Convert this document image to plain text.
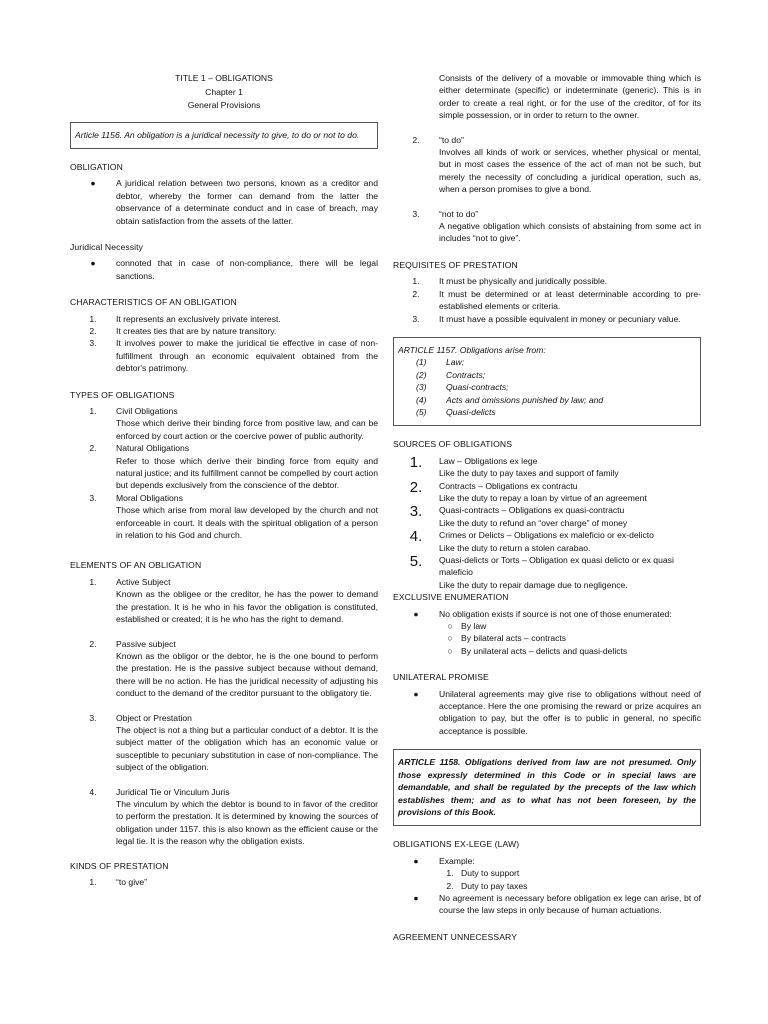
TITLE 1 – OBLIGATIONS
Chapter 1
General Provisions
Article 1156. An obligation is a juridical necessity to give, to do or not to do.
OBLIGATION
●	A juridical relation between two persons, known as a creditor and debtor, whereby the former can demand from the latter the observance of a determinate conduct and in case of breach, may obtain satisfaction from the assets of the latter.
Juridical Necessity
●	connoted that in case of non-compliance, there will be legal sanctions.
CHARACTERISTICS OF AN OBLIGATION
1.	It represents an exclusively private interest.
2.	It creates ties that are by nature transitory.
3.	It involves power to make the juridical tie effective in case of non-fulfillment through an economic equivalent obtained from the debtor's patrimony.
TYPES OF OBLIGATIONS
1.	Civil Obligations
Those which derive their binding force from positive law, and can be enforced by court action or the coercive power of public authority.
2.	Natural Obligations
Refer to those which derive their binding force from equity and natural justice; and its fulfillment cannot be compelled by court action but depends exclusively from the conscience of the debtor.
3.	Moral Obligations
Those which arise from moral law developed by the church and not enforceable in court. It deals with the spiritual obligation of a person in relation to his God and church.
ELEMENTS OF AN OBLIGATION
1.	Active Subject
Known as the obligee or the creditor, he has the power to demand the prestation. It is he who in his favor the obligation is constituted, established or created; it is he who has the right to demand.
2.	Passive subject
Known as the obligor or the debtor, he is the one bound to perform the prestation. He is the passive subject because without demand, there will be no action. He has the juridical necessity of adjusting his conduct to the demand of the creditor pursuant to the obligatory tie.
3.	Object or Prestation
The object is not a thing but a particular conduct of a debtor. It is the subject matter of the obligation which has an economic value or susceptible to pecuniary substitution in case of non-compliance. The subject of the obligation.
4.	Juridical Tie or Vinculum Juris
The vinculum by which the debtor is bound to in favor of the creditor to perform the prestation. It is determined by knowing the sources of obligation under 1157. this is also known as the efficient cause or the legal tie. It is the reason why the obligation exists.
KINDS OF PRESTATION
1.	“to give”
Consists of the delivery of a movable or immovable thing which is either determinate (specific) or indeterminate (generic). This is in order to create a real right, or for the use of the creditor, of for its simple possession, or in order to return to the owner.
2.	“to do”
Involves all kinds of work or services, whether physical or mental, but in most cases the essence of the act of man not be such, but merely the necessity of concluding a juridical operation, such as, when a person promises to give a bond.
3.	“not to do”
A negative obligation which consists of abstaining from some act in includes “not to give”.
REQUISITES OF PRESTATION
1.	It must be physically and juridically possible.
2.	It must be determined or at least determinable according to pre-established elements or criteria.
3.	It must have a possible equivalent in money or pecuniary value.
ARTICLE 1157. Obligations arise from:
(1)	Law;
(2)	Contracts;
(3)	Quasi-contracts;
(4)	Acts and omissions punished by law; and
(5)	Quasi-delicts
SOURCES OF OBLIGATIONS
1.	Law – Obligations ex lege
Like the duty to pay taxes and support of family
2.	Contracts – Obligations ex contractu
Like the duty to repay a loan by virtue of an agreement
3.	Quasi-contracts – Obligations ex quasi-contractu
Like the duty to refund an “over charge” of money
4.	Crimes or Delicts – Obligations ex maleficio or ex-delicto
Like the duty to return a stolen carabao.
5.	Quasi-delicts or Torts – Obligation ex quasi delicto or ex quasi maleficio
Like the duty to repair damage due to negligence.
EXCLUSIVE ENUMERATION
●	No obligation exists if source is not one of those enumerated:
○ By law
○ By bilateral acts – contracts
○ By unilateral acts – delicts and quasi-delicts
UNILATERAL PROMISE
●	Unilateral agreements may give rise to obligations without need of acceptance. Here the one promising the reward or prize acquires an obligation to pay, but the offer is to public in general, no specific acceptance is possible.
ARTICLE 1158. Obligations derived from law are not presumed. Only those expressly determined in this Code or in special laws are demandable, and shall be regulated by the precepts of the law which establishes them; and as to what has not been foreseen, by the provisions of this Book.
OBLIGATIONS EX-LEGE (LAW)
●	Example:
1. Duty to support
2. Duty to pay taxes
●	No agreement is necessary before obligation ex lege can arise, bt of course the law steps in only because of human actuations.
AGREEMENT UNNECESSARY
